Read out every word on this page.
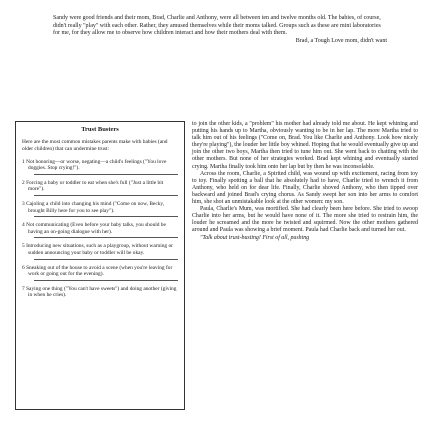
Sandy were good friends and their mom, Brad, Charlie and Anthony, were all between ten and twelve months old. The babies, of course, didn't really "play" with each other. Rather, they amused themselves while their moms talked. Groups such as these are mini laboratories for me, for they allow me to observe how children interact and how their mothers deal with them.

Brad, a Tough Love mom, didn't want

Trust Busters

Here are the most common mistakes parents make with babies (and older children) that can undermine trust:

1 Not honoring—or worse, negating—a child's feelings ("You love doggies. Stop crying!").
2 Forcing a baby or toddler to eat when she's full ("Just a little bit more").
3 Cajoling a child into changing his mind ("Come on now, Becky, brought Billy here for you to see play").
4 Not communicating (Even before your baby talks, you should be having an on-going dialogue with her).
5 Introducing new situations, such as a playgroup, without warning or sudden announcing your baby or toddler will be okay.
6 Sneaking out of the house to avoid a scene (when you're leaving for work or going out for the evening).
7 Saying one thing ("You can't have sweets") and doing another (giving in when he cries).

to join the other kids, a "problem" his mother had already told me about. He kept whining and putting his hands up to Martha, obviously wanting to be in her lap. The more Martha tried to talk him out of his feelings ("Come on, Brad. You like Charlie and Anthony. Look how nicely they're playing"), the louder her little boy whined. Hoping that he would eventually give up and join the other two boys, Martha then tried to tune him out. She went back to chatting with the other mothers. But none of her strategies worked. Brad kept whining and eventually started crying. Martha finally took him onto her lap but by then he was inconsolable.

Across the room, Charlie, a Spirited child, was wound up with excitement, racing from toy to toy. Finally spotting a ball that he absolutely had to have, Charlie tried to wrench it from Anthony, who held on for dear life. Finally, Charlie shoved Anthony, who then tipped over backward and joined Brad's crying chorus. As Sandy swept her son into her arms to comfort him, she shot an unmistakable look at the other women: my son.

Paula, Charlie's Mum, was mortified. She had clearly been here before. She tried to swoop Charlie into her arms, but he would have none of it. The more she tried to restrain him, the louder he screamed and the more he twisted and squirmed. Now the other mothers gathered around and Paula was showing a brief moment. Paula had Charlie back and turned her out.

"Talk about trust-busting! First of all, pushing
